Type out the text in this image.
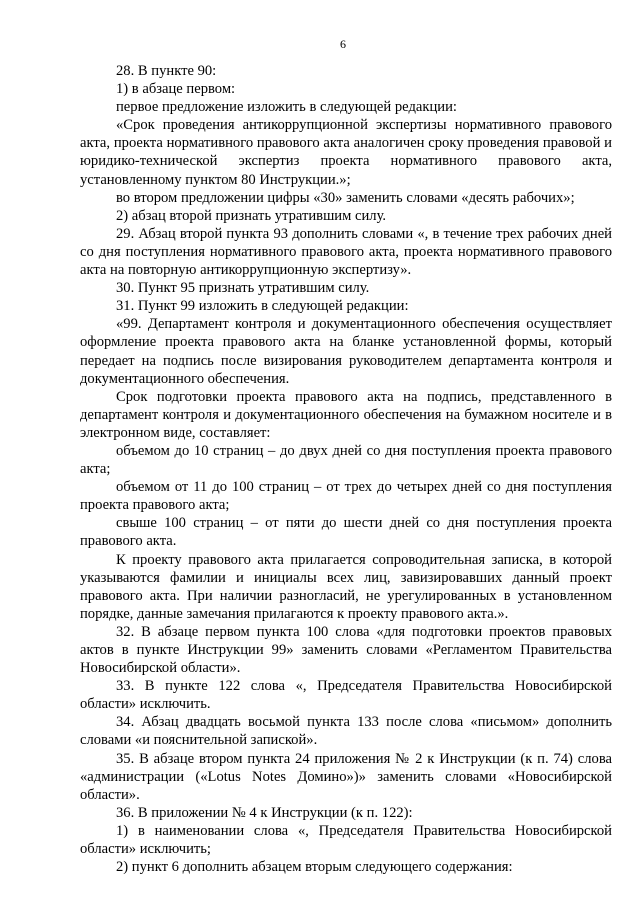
6

28. В пункте 90:

1) в абзаце первом:

первое предложение изложить в следующей редакции:

«Срок проведения антикоррупционной экспертизы нормативного правового акта, проекта нормативного правового акта аналогичен сроку проведения правовой и юридико-технической экспертиз проекта нормативного правового акта, установленному пунктом 80 Инструкции.»;

во втором предложении цифры «30» заменить словами «десять рабочих»;

2) абзац второй признать утратившим силу.

29. Абзац второй пункта 93 дополнить словами «, в течение трех рабочих дней со дня поступления нормативного правового акта, проекта нормативного правового акта на повторную антикоррупционную экспертизу».

30. Пункт 95 признать утратившим силу.

31. Пункт 99 изложить в следующей редакции:

«99. Департамент контроля и документационного обеспечения осуществляет оформление проекта правового акта на бланке установленной формы, который передает на подпись после визирования руководителем департамента контроля и документационного обеспечения.

Срок подготовки проекта правового акта на подпись, представленного в департамент контроля и документационного обеспечения на бумажном носителе и в электронном виде, составляет:

объемом до 10 страниц – до двух дней со дня поступления проекта правового акта;

объемом от 11 до 100 страниц – от трех до четырех дней со дня поступления проекта правового акта;

свыше 100 страниц – от пяти до шести дней со дня поступления проекта правового акта.

К проекту правового акта прилагается сопроводительная записка, в которой указываются фамилии и инициалы всех лиц, завизировавших данный проект правового акта. При наличии разногласий, не урегулированных в установленном порядке, данные замечания прилагаются к проекту правового акта.».

32. В абзаце первом пункта 100 слова «для подготовки проектов правовых актов в пункте Инструкции 99» заменить словами «Регламентом Правительства Новосибирской области».

33. В пункте 122 слова «, Председателя Правительства Новосибирской области» исключить.

34. Абзац двадцать восьмой пункта 133 после слова «письмом» дополнить словами «и пояснительной запиской».

35. В абзаце втором пункта 24 приложения № 2 к Инструкции (к п. 74) слова «администрации («Lotus Notes Домино»)» заменить словами «Новосибирской области».

36. В приложении № 4 к Инструкции (к п. 122):

1) в наименовании слова «, Председателя Правительства Новосибирской области» исключить;

2) пункт 6 дополнить абзацем вторым следующего содержания:
